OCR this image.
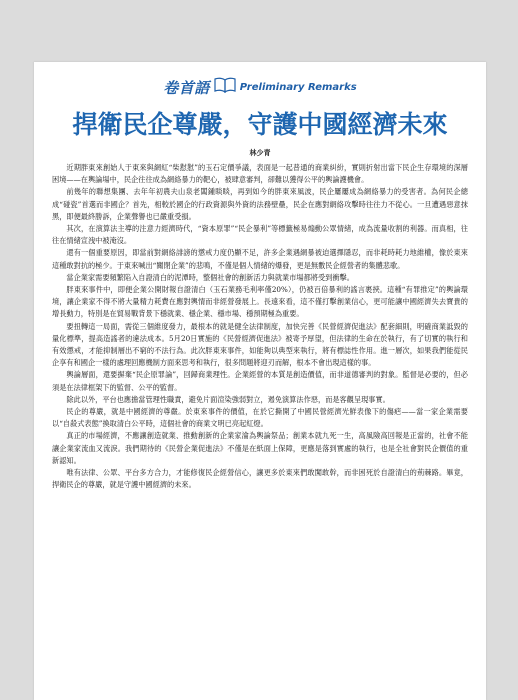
卷首語	Preliminary Remarks
捍衛民企尊嚴，守護中國經濟未來
林少青

近期胖東來創始人于東來與網紅“柴懟懟”的玉石定價爭議，表面是一起普通的商業糾紛，實則折射出當下民企生存環境的深層困境——在輿論場中，民企往往成為網絡暴力的靶心，被肆意審判，卻難以獲得公平的輿論護機會。

前幾年的聯想集團、去年年初農夫山泉老闆鍾睒睒，再到如今的胖東來風波，民企屢屢成為網絡暴力的受害者。為何民企總成“碰瓷”首選而非國企？首先，相較於國企的行政資源與外資的法務壁壘，民企在應對網絡攻擊時往往力不從心。一旦遭遇惡意抹黑，即便最終勝訴，企業聲譽也已嚴重受損。

其次，在演算法主導的注意力經濟時代，“資本原罪”“民企暴利”等標籤極易煽動公眾情緒，成為流量收割的利器。而真相，往往在情緒宣洩中被淹沒。

還有一個重要原因，即當前對網絡誹謗的懲戒力度仍顯不足，許多企業遇網暴被迫選擇隱忍，而非耗時耗力地維權，像於東來這種敢對抗的極少。于東來喊出“關閉企業”的悲鳴，不僅是個人情緒的爆發，更是無數民企經營者的集體悲歌。

當企業家需要頻繁陷入自證清白的泥潭時，整個社會的創新活力與就業市場都將受到衝擊。

胖東來事件中，即便企業公開財報自證清白（玉石業務毛利率僅20%），仍被百倍暴利的謠言裹挾。這種“有罪推定”的輿論環境，讓企業家不得不將大量精力耗費在應對輿情而非經營發展上。長遠來看，這不僅打擊創業信心，更可能讓中國經濟失去寶貴的增長動力，特別是在貿易戰背景下穩就業、穩企業、穩市場、穩預期極為重要。

要扭轉這一局面，需從三個維度發力，最根本的就是健全法律制度，加快完善《民營經濟促進法》配套細則，明確商業詆毀的量化標準，提高造謠者的違法成本。5月20日實施的《民營經濟促進法》被寄予厚望，但法律的生命在於執行，有了切實的執行和有效懲戒，才能抑制層出不窮的不法行為。此次胖東來事件，如能夠以典型來執行，將有標誌性作用。進一層次，如果我們能從民企享有和國企一樣的處理回應機制方面來思考和執行，很多問題將迎刃而解，根本不會出現這樣的事。

輿論層面，還要摒棄“民企原罪論”，回歸商業理性。企業經營的本質是創造價值，而非道德審判的對象。監督是必要的，但必須是在法律框架下的監督、公平的監督。

除此以外，平台也應擔當管理性職責，避免片面渲染強弱對立，遏免演算法作惡，而是客觀呈現事實。

民企的尊嚴，就是中國經濟的尊嚴。於東來事件的價值，在於它撕開了中國民營經濟光鮮表像下的傷疤——當一家企業需要以“自殺式表態”換取清白公平時，這個社會的商業文明已亮起紅燈。

真正的市場經濟，不應讓創造就業、推動創新的企業家淪為輿論祭品；創業本就九死一生，高風險高回報是正當的，社會不能讓企業家流血又流淚。我們期待的《民營企業促進法》不僅是在紙面上保障，更應是落到實處的執行，也是全社會對民企價值的重新認知。

唯有法律、公眾、平台多方合力，才能修復民企經營信心，讓更多於東來們敢闖敢幹，而非困死於自證清白的荊棘路。畢竟，捍衛民企的尊嚴，就是守護中國經濟的未來。
